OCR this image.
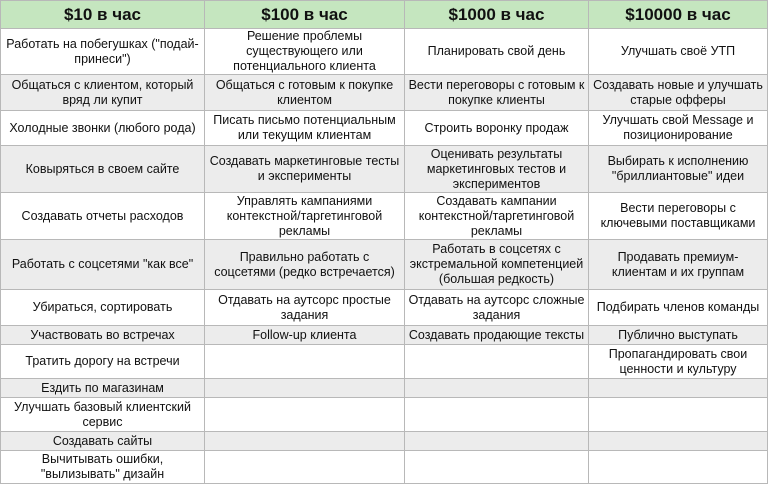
$10 в час	$100 в час	$1000 в час	$10000 в час
Работать на побегушках ("подай-принеси")	Решение проблемы существующего или потенциального клиента	Планировать свой день	Улучшать своё УТП
Общаться с клиентом, который вряд ли купит	Общаться с готовым к покупке клиентом	Вести переговоры с готовым к покупке клиенты	Создавать новые и улучшать старые офферы
Холодные звонки (любого рода)	Писать письмо потенциальным или текущим клиентам	Строить воронку продаж	Улучшать свой Message и позиционирование
Ковыряться в своем сайте	Создавать маркетинговые тесты и эксперименты	Оценивать результаты маркетинговых тестов и экспериментов	Выбирать к исполнению "бриллиантовые" идеи
Создавать отчеты расходов	Управлять кампаниями контекстной/таргетинговой рекламы	Создавать кампании контекстной/таргетинговой рекламы	Вести переговоры с ключевыми поставщиками
Работать с соцсетями "как все"	Правильно работать с соцсетями (редко встречается)	Работать в соцсетях с экстремальной компетенцией (большая редкость)	Продавать премиум-клиентам и их группам
Убираться, сортировать	Отдавать на аутсорс простые задания	Отдавать на аутсорс сложные задания	Подбирать членов команды
Участвовать во встречах	Follow-up клиента	Создавать продающие тексты	Публично выступать
Тратить дорогу на встречи			Пропагандировать свои ценности и культуру
Ездить по магазинам			
Улучшать базовый клиентский сервис			
Создавать сайты			
Вычитывать ошибки, "вылизывать" дизайн			
